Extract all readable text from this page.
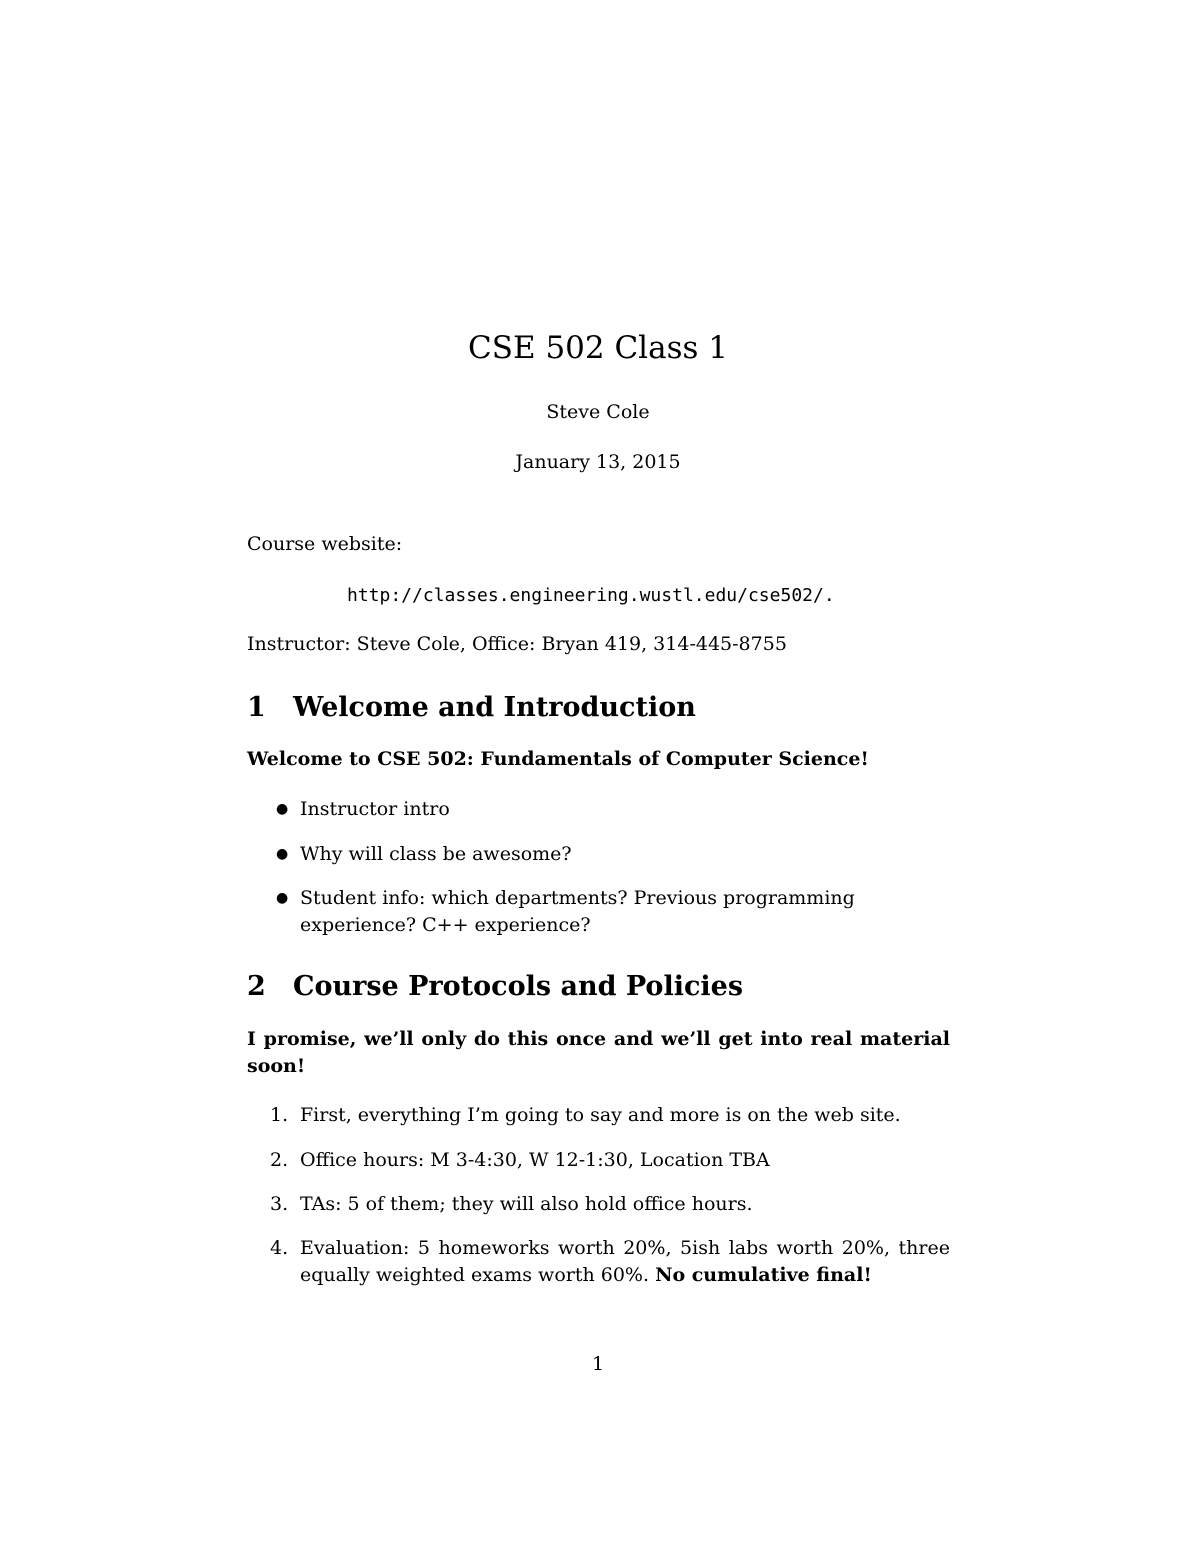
CSE 502 Class 1
Steve Cole
January 13, 2015
Course website:
http://classes.engineering.wustl.edu/cse502/.
Instructor: Steve Cole, Office: Bryan 419, 314-445-8755
1 Welcome and Introduction
Welcome to CSE 502: Fundamentals of Computer Science!
● Instructor intro
● Why will class be awesome?
● Student info: which departments? Previous programming experience? C++ experience?
2 Course Protocols and Policies
I promise, we’ll only do this once and we’ll get into real material soon!
1. First, everything I’m going to say and more is on the web site.
2. Office hours: M 3-4:30, W 12-1:30, Location TBA
3. TAs: 5 of them; they will also hold office hours.
4. Evaluation: 5 homeworks worth 20%, 5ish labs worth 20%, three equally weighted exams worth 60%. No cumulative final!
1
